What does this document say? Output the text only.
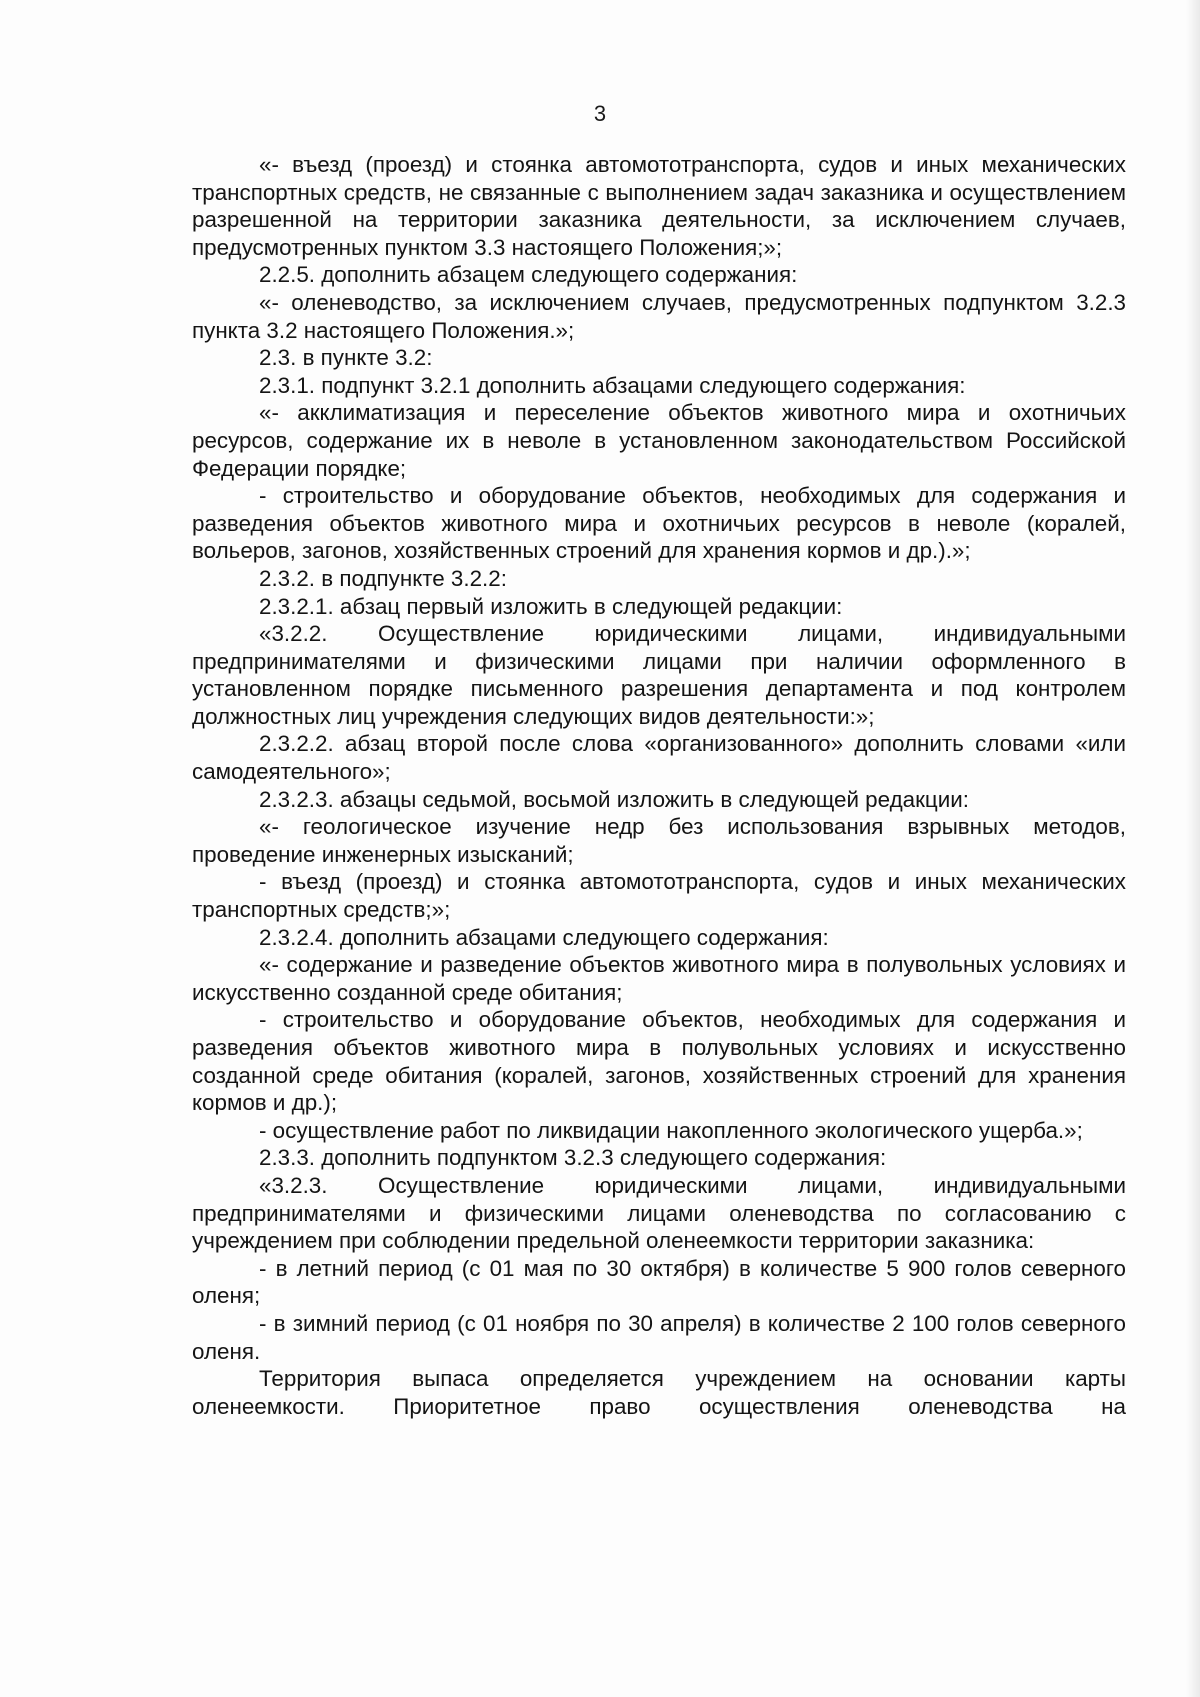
3

«- въезд (проезд) и стоянка автомототранспорта, судов и иных механических транспортных средств, не связанные с выполнением задач заказника и осуществлением разрешенной на территории заказника деятельности, за исключением случаев, предусмотренных пунктом 3.3 настоящего Положения;»;

2.2.5. дополнить абзацем следующего содержания:

«- оленеводство, за исключением случаев, предусмотренных подпунктом 3.2.3 пункта 3.2 настоящего Положения.»;

2.3. в пункте 3.2:

2.3.1. подпункт 3.2.1 дополнить абзацами следующего содержания:

«- акклиматизация и переселение объектов животного мира и охотничьих ресурсов, содержание их в неволе в установленном законодательством Российской Федерации порядке;

- строительство и оборудование объектов, необходимых для содержания и разведения объектов животного мира и охотничьих ресурсов в неволе (коралей, вольеров, загонов, хозяйственных строений для хранения кормов и др.).»;

2.3.2. в подпункте 3.2.2:

2.3.2.1. абзац первый изложить в следующей редакции:

«3.2.2. Осуществление юридическими лицами, индивидуальными предпринимателями и физическими лицами при наличии оформленного в установленном порядке письменного разрешения департамента и под контролем должностных лиц учреждения следующих видов деятельности:»;

2.3.2.2. абзац второй после слова «организованного» дополнить словами «или самодеятельного»;

2.3.2.3. абзацы седьмой, восьмой изложить в следующей редакции:

«- геологическое изучение недр без использования взрывных методов, проведение инженерных изысканий;

- въезд (проезд) и стоянка автомототранспорта, судов и иных механических транспортных средств;»;

2.3.2.4. дополнить абзацами следующего содержания:

«- содержание и разведение объектов животного мира в полувольных условиях и искусственно созданной среде обитания;

- строительство и оборудование объектов, необходимых для содержания и разведения объектов животного мира в полувольных условиях и искусственно созданной среде обитания (коралей, загонов, хозяйственных строений для хранения кормов и др.);

- осуществление работ по ликвидации накопленного экологического ущерба.»;

2.3.3. дополнить подпунктом 3.2.3 следующего содержания:

«3.2.3. Осуществление юридическими лицами, индивидуальными предпринимателями и физическими лицами оленеводства по согласованию с учреждением при соблюдении предельной оленеемкости территории заказника:

- в летний период (с 01 мая по 30 октября) в количестве 5 900 голов северного оленя;

- в зимний период (с 01 ноября по 30 апреля) в количестве 2 100 голов северного оленя.

Территория выпаса определяется учреждением на основании карты оленеемкости. Приоритетное право осуществления оленеводства на
